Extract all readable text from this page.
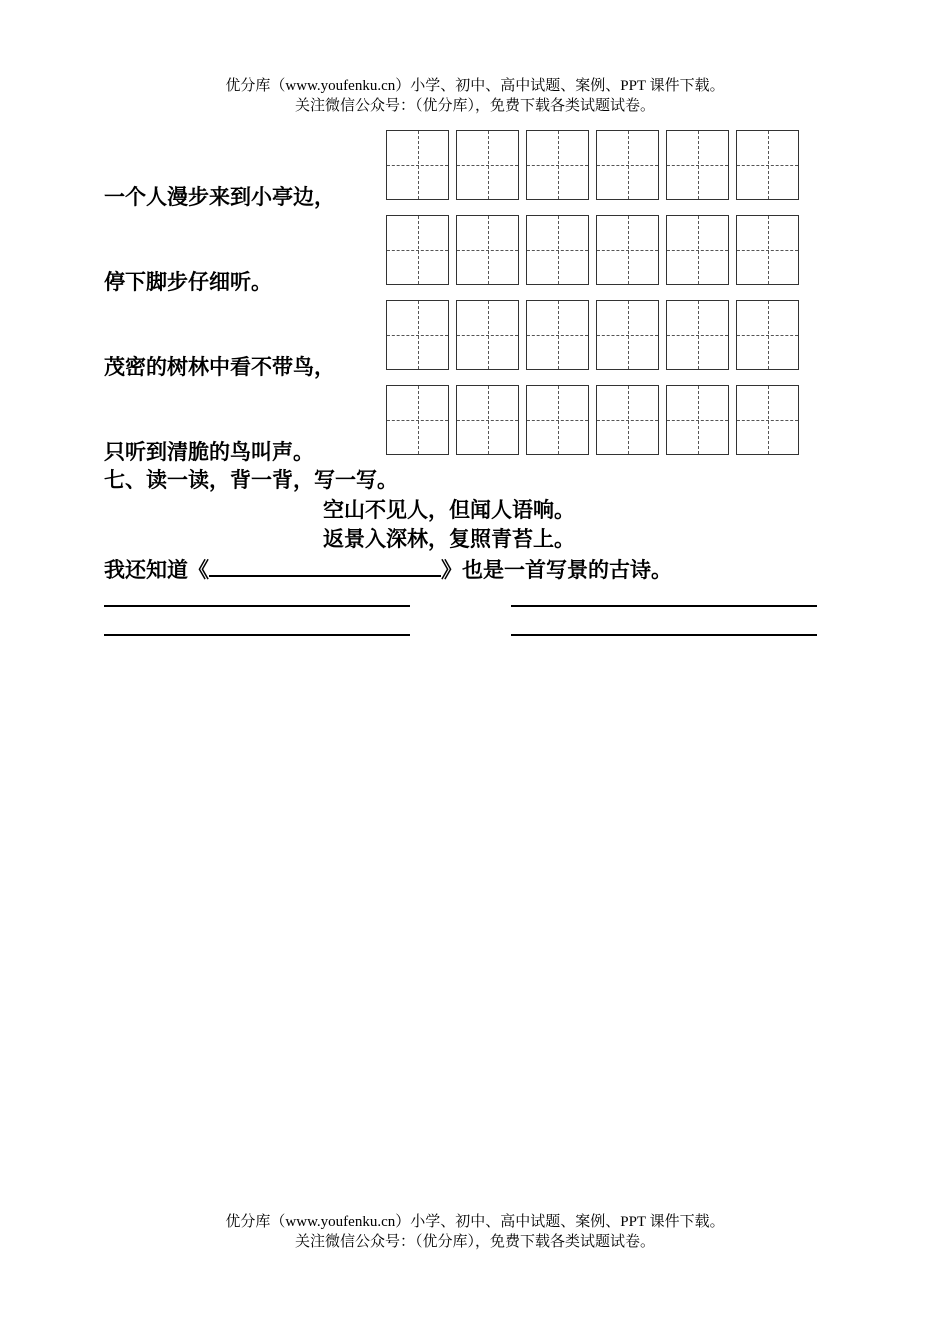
优分库（www.youfenku.cn）小学、初中、高中试题、案例、PPT 课件下载。
关注微信公众号：（优分库），免费下载各类试题试卷。
一个人漫步来到小亭边，
停下脚步仔细听。
茂密的树林中看不带鸟，
只听到清脆的鸟叫声。
七、读一读，背一背，写一写。
空山不见人，但闻人语响。
返景入深林，复照青苔上。
我还知道《	》也是一首写景的古诗。
优分库（www.youfenku.cn）小学、初中、高中试题、案例、PPT 课件下载。
关注微信公众号：（优分库），免费下载各类试题试卷。
